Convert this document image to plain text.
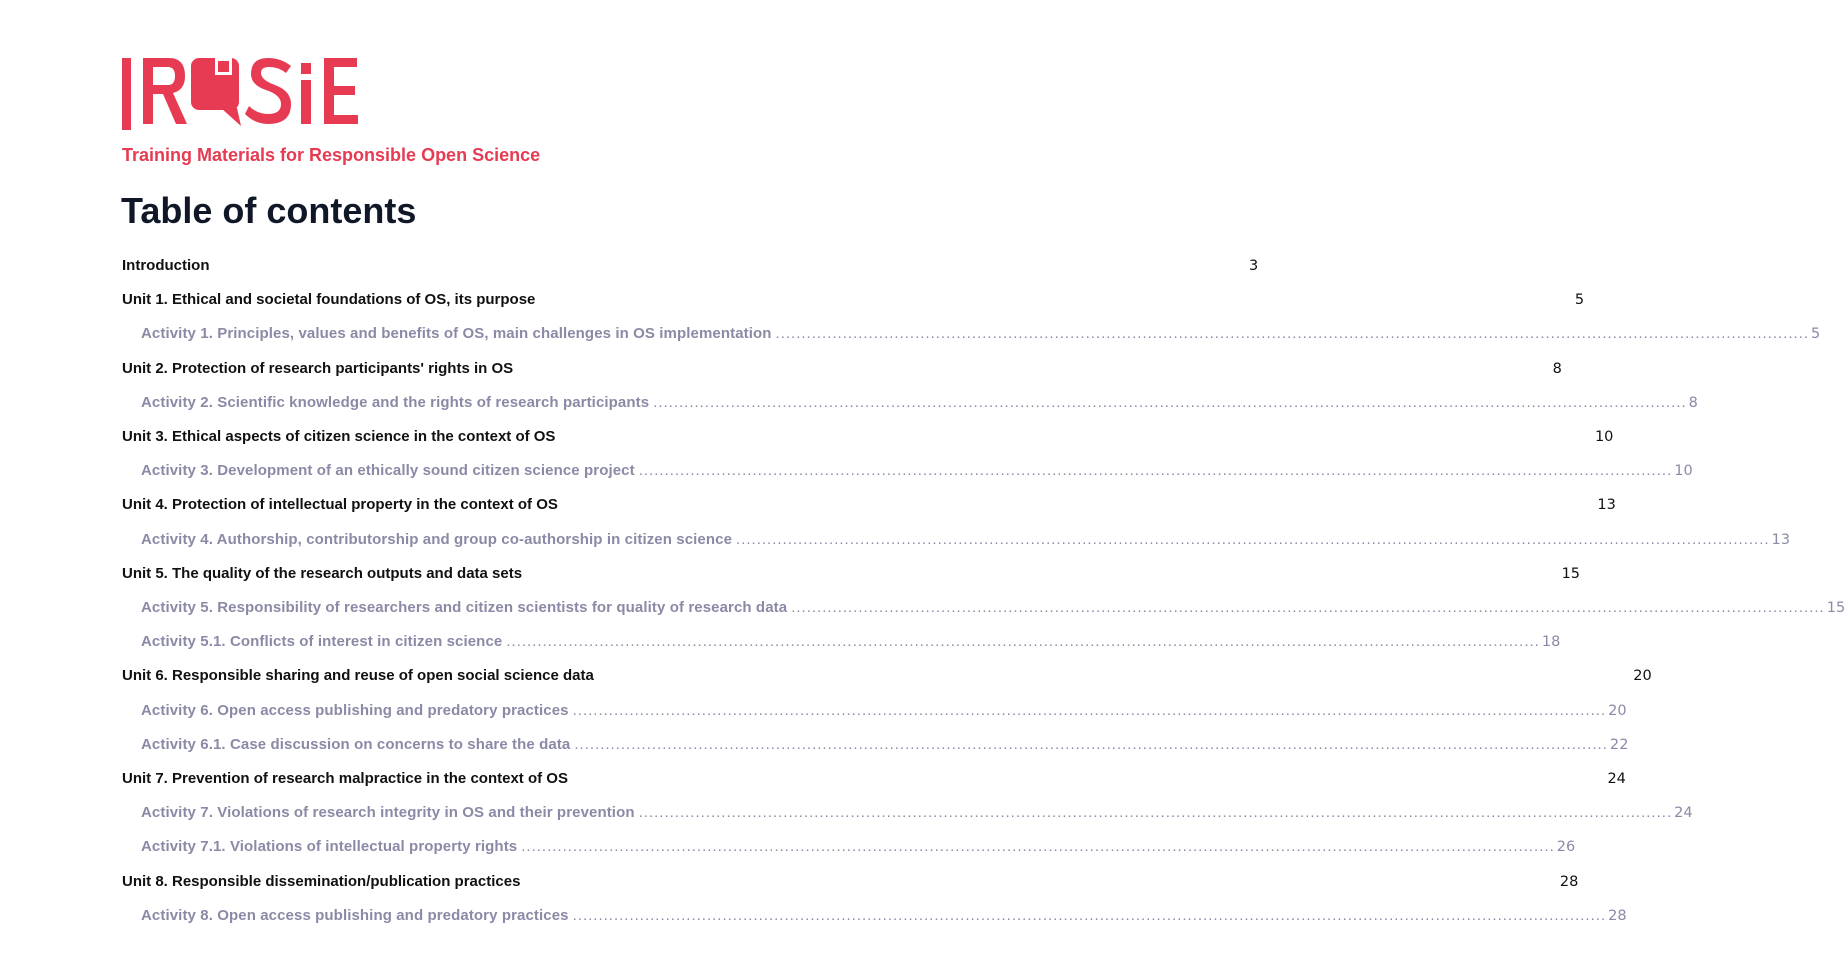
Training Materials for Responsible Open Science
Table of contents
Introduction	3
Unit 1. Ethical and societal foundations of OS, its purpose	5
Activity 1. Principles, values and benefits of OS, main challenges in OS implementation ........................................................................................................................................................................................................ 5
Unit 2. Protection of research participants' rights in OS	8
Activity 2. Scientific knowledge and the rights of research participants ........................................................................................................................................................................................................ 8
Unit 3. Ethical aspects of citizen science in the context of OS	10
Activity 3. Development of an ethically sound citizen science project ........................................................................................................................................................................................................ 10
Unit 4. Protection of intellectual property in the context of OS	13
Activity 4. Authorship, contributorship and group co-authorship in citizen science ........................................................................................................................................................................................................ 13
Unit 5. The quality of the research outputs and data sets	15
Activity 5. Responsibility of researchers and citizen scientists for quality of research data ........................................................................................................................................................................................................ 15
Activity 5.1. Conflicts of interest in citizen science ........................................................................................................................................................................................................ 18
Unit 6. Responsible sharing and reuse of open social science data	20
Activity 6. Open access publishing and predatory practices ........................................................................................................................................................................................................ 20
Activity 6.1. Case discussion on concerns to share the data ........................................................................................................................................................................................................ 22
Unit 7. Prevention of research malpractice in the context of OS	24
Activity 7. Violations of research integrity in OS and their prevention ........................................................................................................................................................................................................ 24
Activity 7.1. Violations of intellectual property rights ........................................................................................................................................................................................................ 26
Unit 8. Responsible dissemination/publication practices	28
Activity 8. Open access publishing and predatory practices ........................................................................................................................................................................................................ 28
